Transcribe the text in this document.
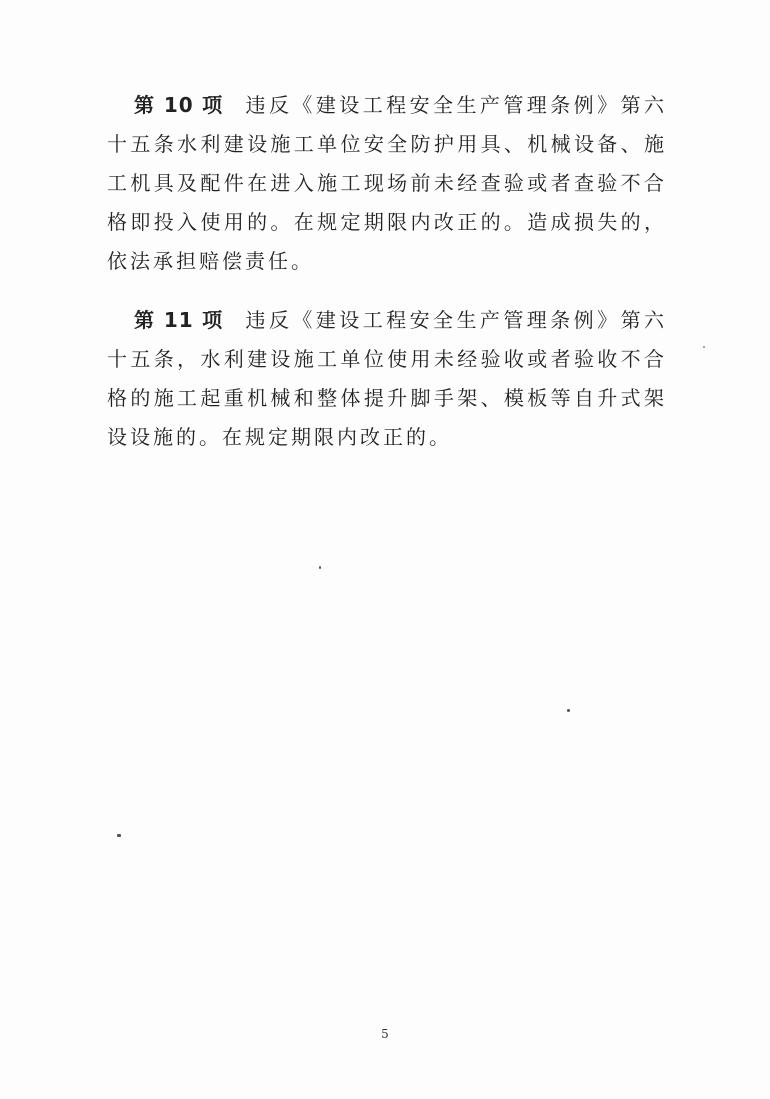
第 10 项 违反《建设工程安全生产管理条例》第六十五条水利建设施工单位安全防护用具、机械设备、施工机具及配件在进入施工现场前未经查验或者查验不合格即投入使用的。在规定期限内改正的。造成损失的，依法承担赔偿责任。

第 11 项 违反《建设工程安全生产管理条例》第六十五条，水利建设施工单位使用未经验收或者验收不合格的施工起重机械和整体提升脚手架、模板等自升式架设设施的。在规定期限内改正的。

5
